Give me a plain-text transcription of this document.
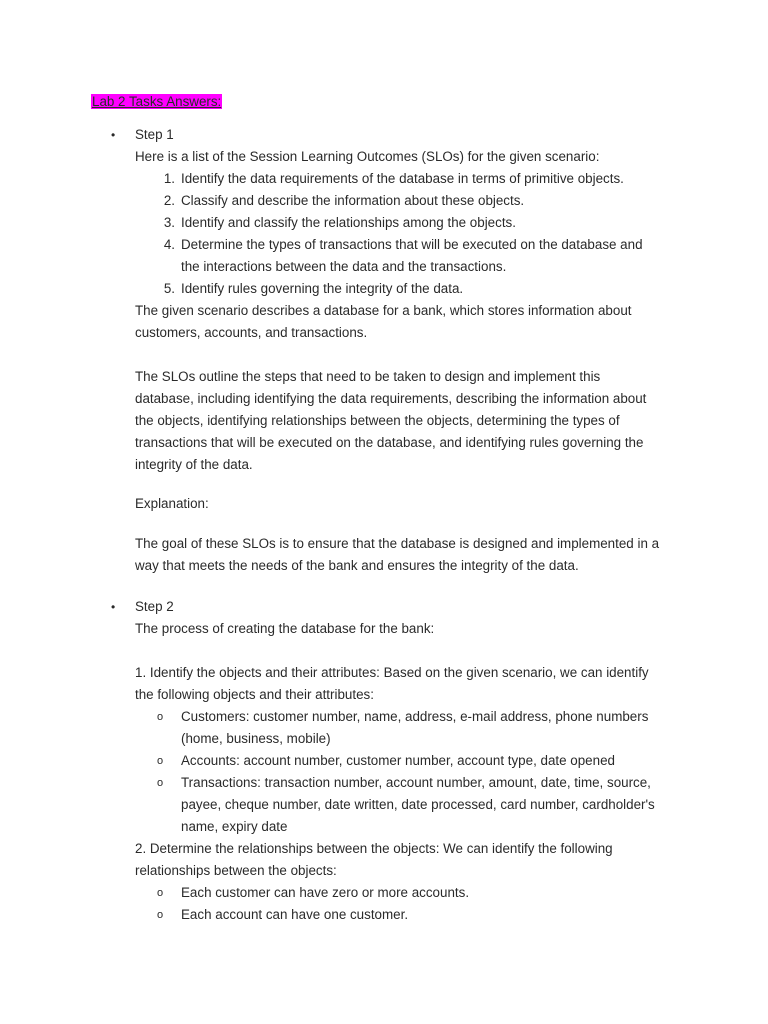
Lab 2 Tasks Answers:
• Step 1
Here is a list of the Session Learning Outcomes (SLOs) for the given scenario:
1. Identify the data requirements of the database in terms of primitive objects.
2. Classify and describe the information about these objects.
3. Identify and classify the relationships among the objects.
4. Determine the types of transactions that will be executed on the database and
the interactions between the data and the transactions.
5. Identify rules governing the integrity of the data.
The given scenario describes a database for a bank, which stores information about
customers, accounts, and transactions.
The SLOs outline the steps that need to be taken to design and implement this
database, including identifying the data requirements, describing the information about
the objects, identifying relationships between the objects, determining the types of
transactions that will be executed on the database, and identifying rules governing the
integrity of the data.
Explanation:
The goal of these SLOs is to ensure that the database is designed and implemented in a
way that meets the needs of the bank and ensures the integrity of the data.
• Step 2
The process of creating the database for the bank:
1. Identify the objects and their attributes: Based on the given scenario, we can identify
the following objects and their attributes:
o Customers: customer number, name, address, e-mail address, phone numbers
(home, business, mobile)
o Accounts: account number, customer number, account type, date opened
o Transactions: transaction number, account number, amount, date, time, source,
payee, cheque number, date written, date processed, card number, cardholder's
name, expiry date
2. Determine the relationships between the objects: We can identify the following
relationships between the objects:
o Each customer can have zero or more accounts.
o Each account can have one customer.
